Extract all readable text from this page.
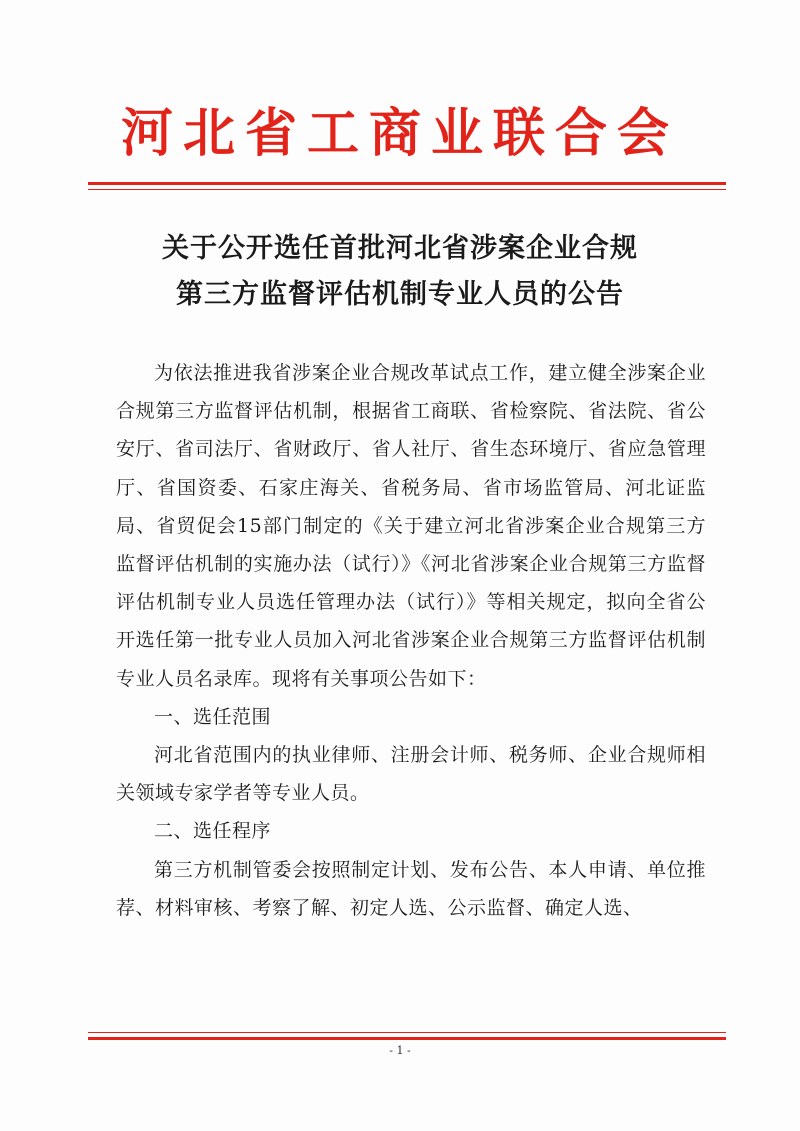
河北省工商业联合会
关于公开选任首批河北省涉案企业合规
第三方监督评估机制专业人员的公告

为依法推进我省涉案企业合规改革试点工作，建立健全涉案企业合规第三方监督评估机制，根据省工商联、省检察院、省法院、省公安厅、省司法厅、省财政厅、省人社厅、省生态环境厅、省应急管理厅、省国资委、石家庄海关、省税务局、省市场监管局、河北证监局、省贸促会15部门制定的《关于建立河北省涉案企业合规第三方监督评估机制的实施办法（试行）》《河北省涉案企业合规第三方监督评估机制专业人员选任管理办法（试行）》等相关规定，拟向全省公开选任第一批专业人员加入河北省涉案企业合规第三方监督评估机制专业人员名录库。现将有关事项公告如下：

一、选任范围

河北省范围内的执业律师、注册会计师、税务师、企业合规师相关领域专家学者等专业人员。

二、选任程序

第三方机制管委会按照制定计划、发布公告、本人申请、单位推荐、材料审核、考察了解、初定人选、公示监督、确定人选、

- 1 -
